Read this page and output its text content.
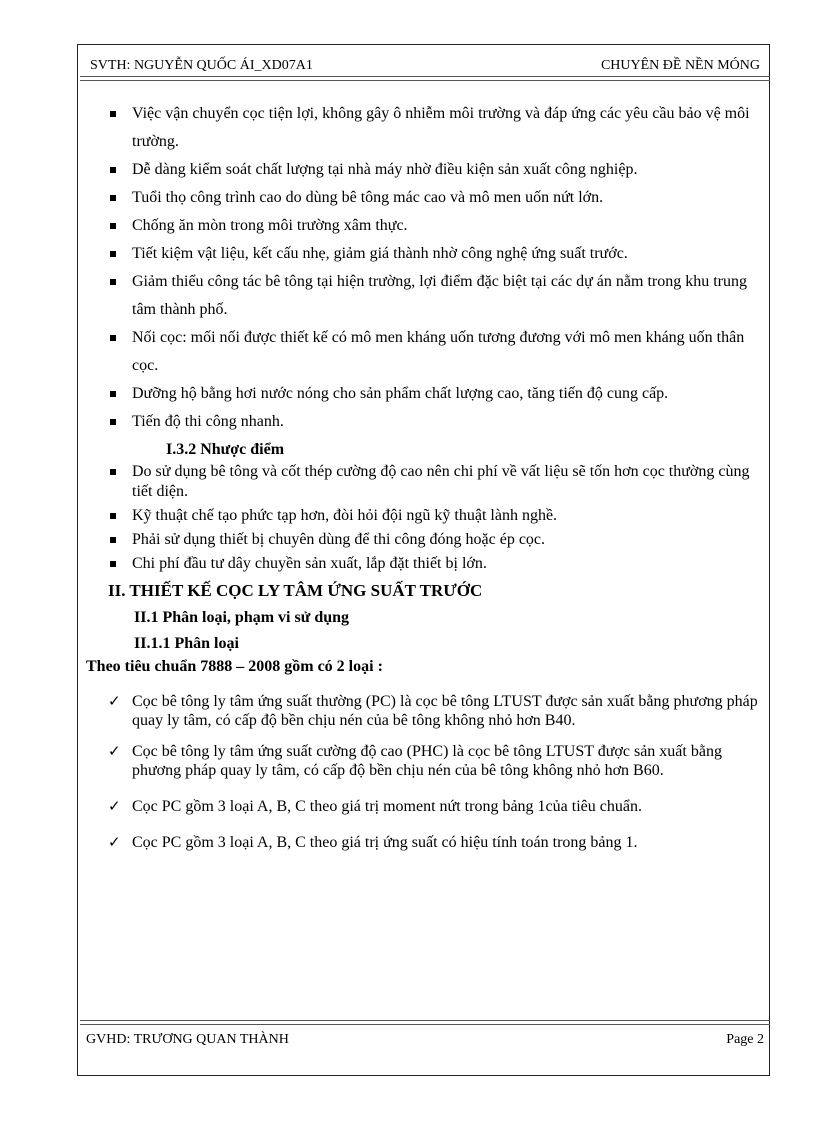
SVTH: NGUYỄN QUỐC ÁI_XD07A1	CHUYÊN ĐỀ NỀN MÓNG
Việc vận chuyển cọc tiện lợi, không gây ô nhiễm môi trường và đáp ứng các yêu cầu bảo vệ môi trường.
Dễ dàng kiểm soát chất lượng tại nhà máy nhờ điều kiện sản xuất công nghiệp.
Tuổi thọ công trình cao do dùng bê tông mác cao và mô men uốn nứt lớn.
Chống ăn mòn trong môi trường xâm thực.
Tiết kiệm vật liệu, kết cấu nhẹ, giảm giá thành nhờ công nghệ ứng suất trước.
Giảm thiểu công tác bê tông tại hiện trường, lợi điểm đặc biệt tại các dự án nằm trong khu trung tâm thành phố.
Nối cọc: mối nối được thiết kế có mô men kháng uốn tương đương với mô men kháng uốn thân cọc.
Dưỡng hộ bằng hơi nước nóng cho sản phẩm chất lượng cao, tăng tiến độ cung cấp.
Tiến độ thi công nhanh.
I.3.2 Nhược điểm
Do sử dụng bê tông và cốt thép cường độ cao nên chi phí về vất liệu sẽ tốn hơn cọc thường cùng tiết diện.
Kỹ thuật chế tạo phức tạp hơn, đòi hỏi đội ngũ kỹ thuật lành nghề.
Phải sử dụng thiết bị chuyên dùng để thi công đóng hoặc ép cọc.
Chi phí đầu tư dây chuyền sản xuất, lắp đặt thiết bị lớn.
II. THIẾT KẾ CỌC LY TÂM ỨNG SUẤT TRƯỚC
II.1 Phân loại, phạm vi sử dụng
II.1.1 Phân loại
Theo tiêu chuẩn 7888 – 2008 gồm có 2 loại :
✓ Cọc bê tông ly tâm ứng suất thường (PC) là cọc bê tông LTUST được sản xuất bằng phương pháp quay ly tâm, có cấp độ bền chịu nén của bê tông không nhỏ hơn B40.
✓ Cọc bê tông ly tâm ứng suất cường độ cao (PHC) là cọc bê tông LTUST được sản xuất bằng phương pháp quay ly tâm, có cấp độ bền chịu nén của bê tông không nhỏ hơn B60.
✓ Cọc PC gồm 3 loại A, B, C theo giá trị moment nứt trong bảng 1của tiêu chuẩn.
✓ Cọc PC gồm 3 loại A, B, C theo giá trị ứng suất có hiệu tính toán trong bảng 1.
GVHD: TRƯƠNG QUAN THÀNH	Page 2
